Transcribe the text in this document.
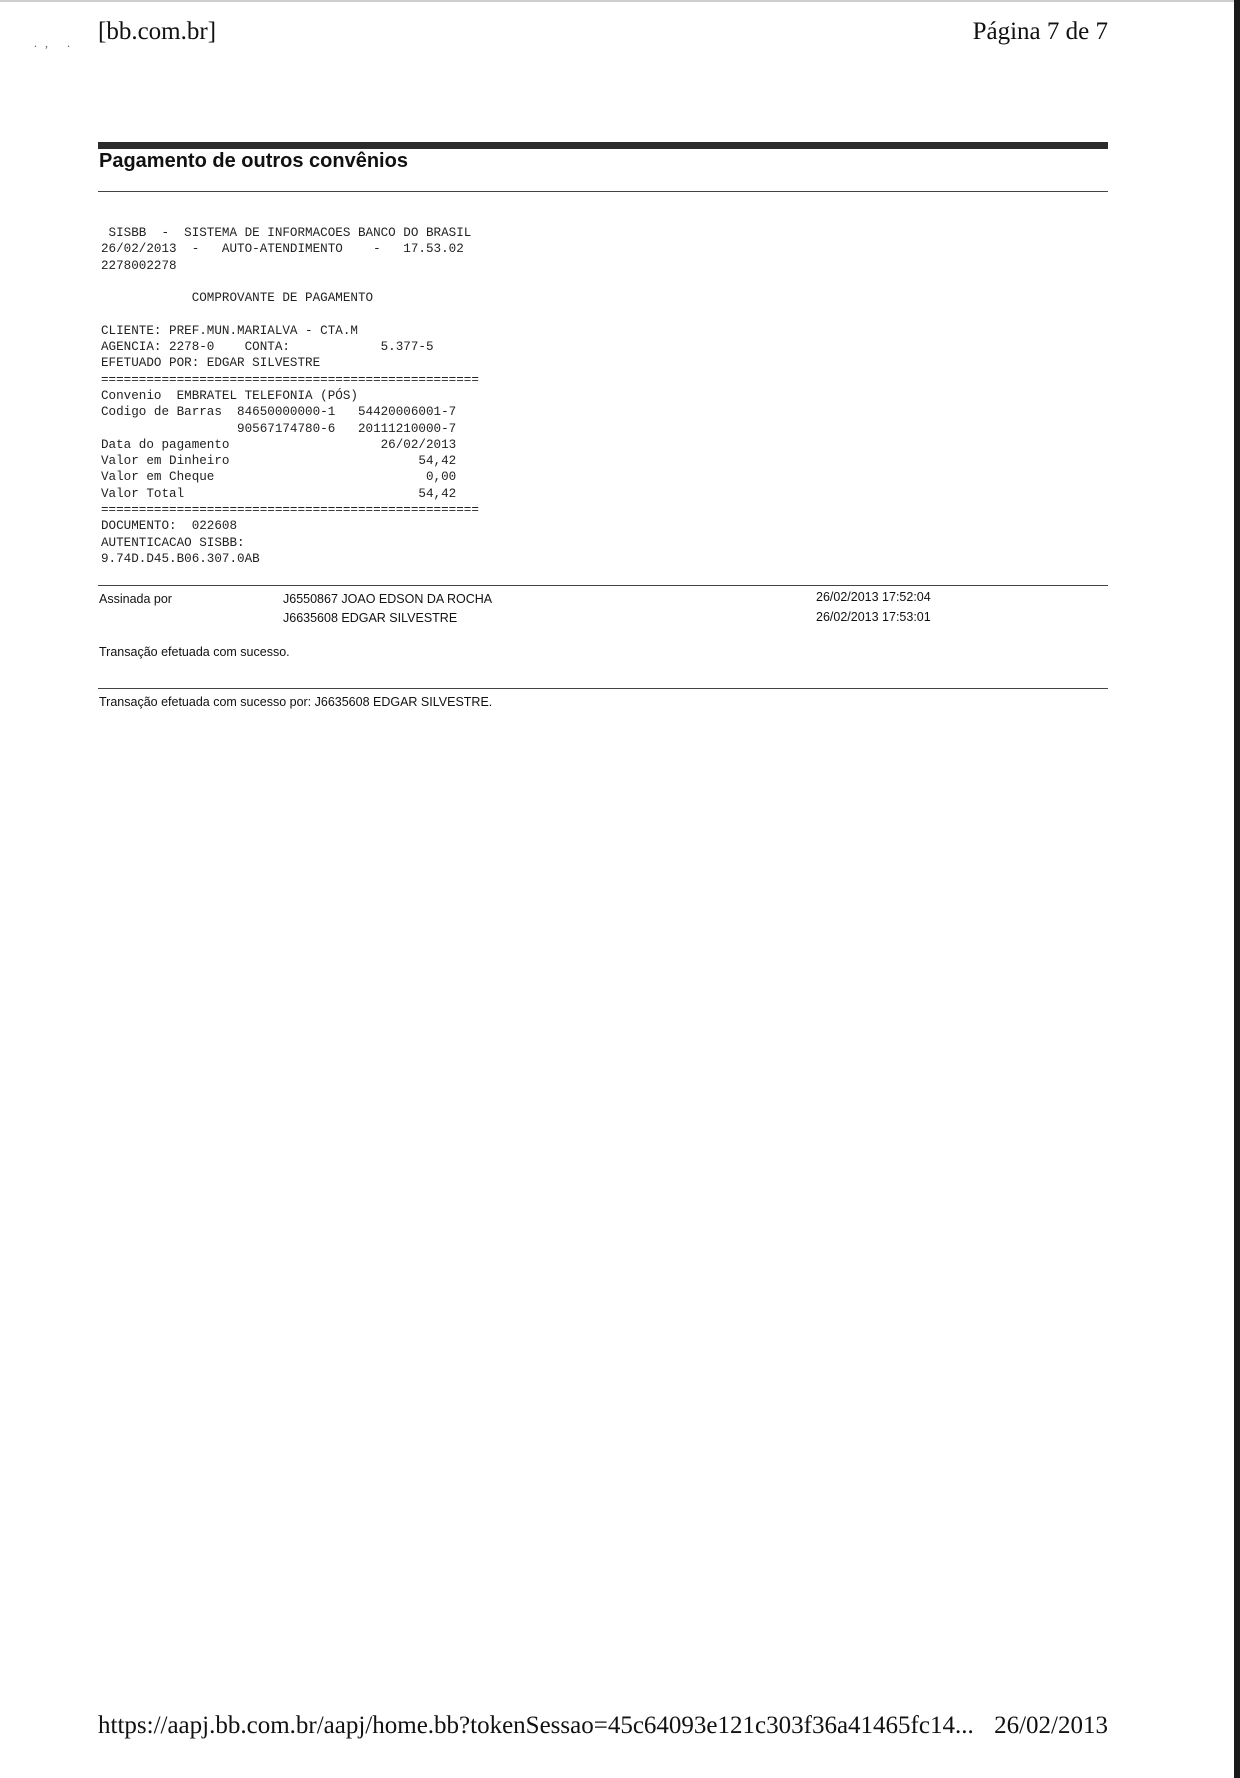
., . [bb.com.br]	Página 7 de 7
Pagamento de outros convênios
SISBB  -  SISTEMA DE INFORMACOES BANCO DO BRASIL
26/02/2013  -   AUTO-ATENDIMENTO    -   17.53.02
2278002278
COMPROVANTE DE PAGAMENTO
CLIENTE: PREF.MUN.MARIALVA - CTA.M
AGENCIA: 2278-0    CONTA:            5.377-5
EFETUADO POR: EDGAR SILVESTRE
==================================================
Convenio  EMBRATEL TELEFONIA (PÓS)
Codigo de Barras  84650000000-1   54420006001-7
90567174780-6   20111210000-7
Data do pagamento                    26/02/2013
Valor em Dinheiro                         54,42
Valor em Cheque                            0,00
Valor Total                               54,42
==================================================
DOCUMENTO:  022608
AUTENTICACAO SISBB:
9.74D.D45.B06.307.0AB
Assinada por	J6550867 JOAO EDSON DA ROCHA	26/02/2013 17:52:04
J6635608 EDGAR SILVESTRE	26/02/2013 17:53:01
Transação efetuada com sucesso.
Transação efetuada com sucesso por: J6635608 EDGAR SILVESTRE.
https://aapj.bb.com.br/aapj/home.bb?tokenSessao=45c64093e121c303f36a41465fc14... 26/02/2013
